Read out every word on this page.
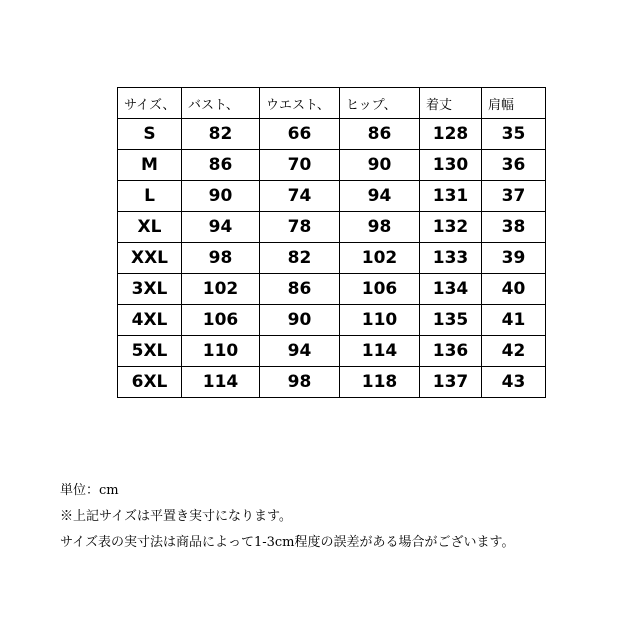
サイズ、	バスト、	ウエスト、	ヒップ、	着丈	肩幅
S	82	66	86	128	35
M	86	70	90	130	36
L	90	74	94	131	37
XL	94	78	98	132	38
XXL	98	82	102	133	39
3XL	102	86	106	134	40
4XL	106	90	110	135	41
5XL	110	94	114	136	42
6XL	114	98	118	137	43
単位：cm
※上記サイズは平置き実寸になります。
サイズ表の実寸法は商品によって1-3cm程度の誤差がある場合がございます。
